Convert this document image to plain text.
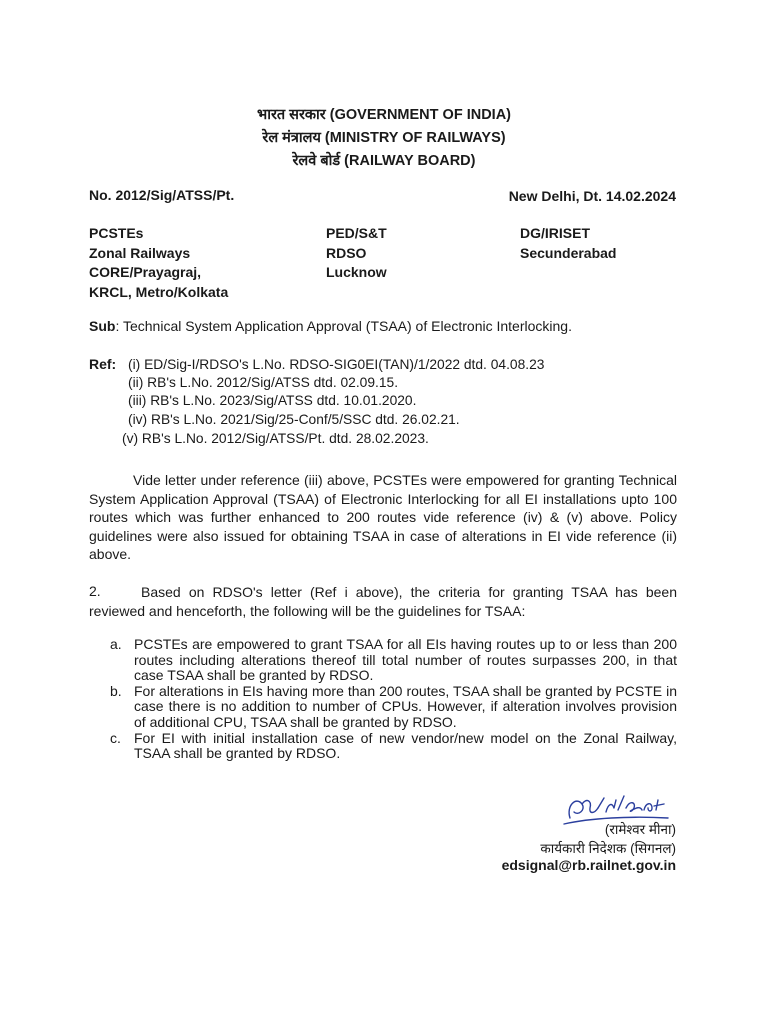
भारत सरकार (GOVERNMENT OF INDIA)
रेल मंत्रालय (MINISTRY OF RAILWAYS)
रेलवे बोर्ड (RAILWAY BOARD)
No. 2012/Sig/ATSS/Pt.	New Delhi, Dt. 14.02.2024
PCSTEs
Zonal Railways
CORE/Prayagraj,
KRCL, Metro/Kolkata
PED/S&T
RDSO
Lucknow
DG/IRISET
Secunderabad
Sub: Technical System Application Approval (TSAA) of Electronic Interlocking.
Ref: (i) ED/Sig-I/RDSO's L.No. RDSO-SIG0EI(TAN)/1/2022 dtd. 04.08.23
(ii) RB's L.No. 2012/Sig/ATSS dtd. 02.09.15.
(iii) RB's L.No. 2023/Sig/ATSS dtd. 10.01.2020.
(iv) RB's L.No. 2021/Sig/25-Conf/5/SSC dtd. 26.02.21.
(v) RB's L.No. 2012/Sig/ATSS/Pt. dtd. 28.02.2023.
Vide letter under reference (iii) above, PCSTEs were empowered for granting Technical System Application Approval (TSAA) of Electronic Interlocking for all EI installations upto 100 routes which was further enhanced to 200 routes vide reference (iv) & (v) above. Policy guidelines were also issued for obtaining TSAA in case of alterations in EI vide reference (ii) above.
2.	Based on RDSO's letter (Ref i above), the criteria for granting TSAA has been reviewed and henceforth, the following will be the guidelines for TSAA:
a. PCSTEs are empowered to grant TSAA for all EIs having routes up to or less than 200 routes including alterations thereof till total number of routes surpasses 200, in that case TSAA shall be granted by RDSO.
b. For alterations in EIs having more than 200 routes, TSAA shall be granted by PCSTE in case there is no addition to number of CPUs. However, if alteration involves provision of additional CPU, TSAA shall be granted by RDSO.
c. For EI with initial installation case of new vendor/new model on the Zonal Railway, TSAA shall be granted by RDSO.
(रामेश्वर मीना)
कार्यकारी निदेशक (सिगनल)
edsignal@rb.railnet.gov.in
